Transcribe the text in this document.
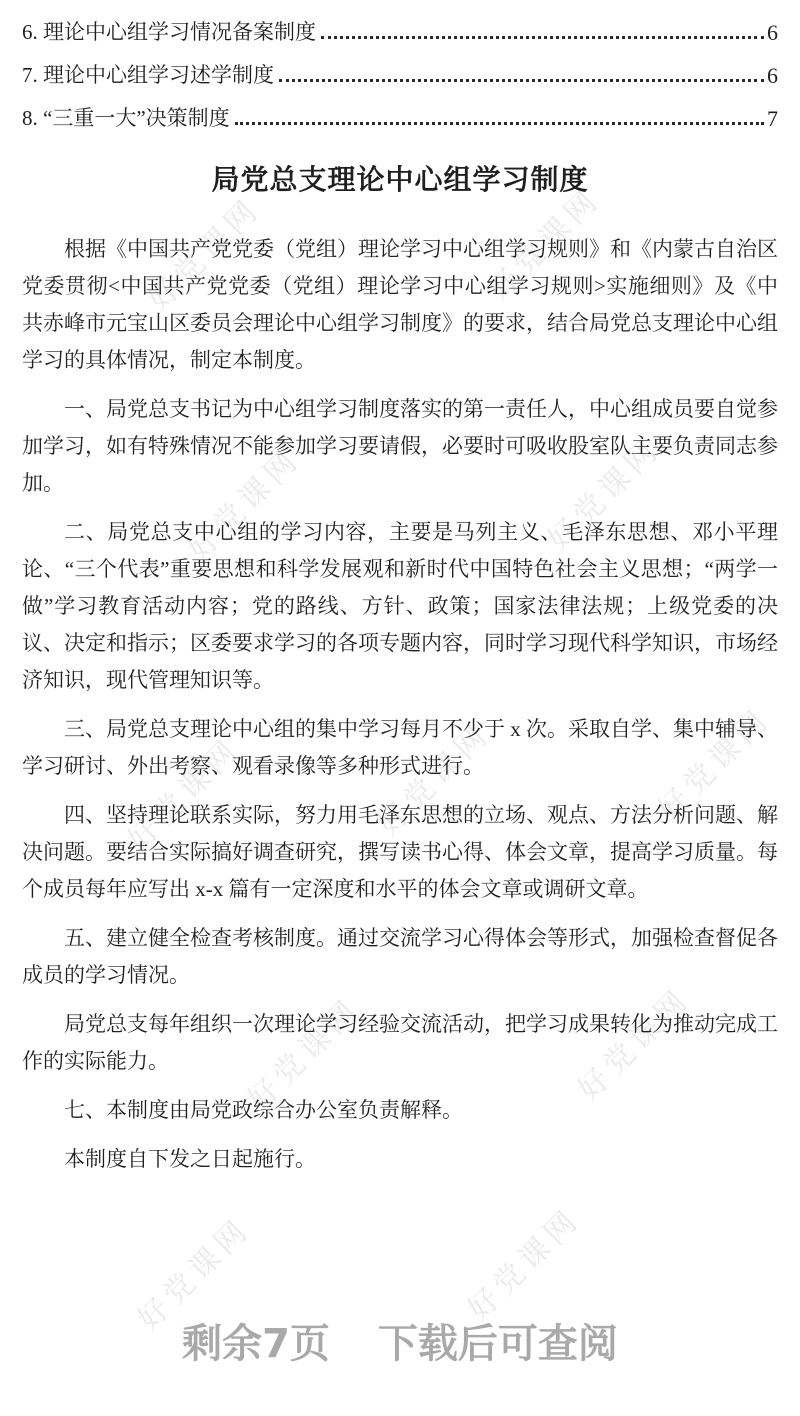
好党课网	好党课网
好党课网	好党课网
好党课网	好党课网	好党课网
好党课网	好党课网
好党课网	好党课网
6. 理论中心组学习情况备案制度	6
7. 理论中心组学习述学制度	6
8. “三重一大”决策制度	7
局党总支理论中心组学习制度

根据《中国共产党党委（党组）理论学习中心组学习规则》和《内蒙古自治区党委贯彻<中国共产党党委（党组）理论学习中心组学习规则>实施细则》及《中共赤峰市元宝山区委员会理论中心组学习制度》的要求，结合局党总支理论中心组学习的具体情况，制定本制度。

一、局党总支书记为中心组学习制度落实的第一责任人，中心组成员要自觉参加学习，如有特殊情况不能参加学习要请假，必要时可吸收股室队主要负责同志参加。

二、局党总支中心组的学习内容，主要是马列主义、毛泽东思想、邓小平理论、“三个代表”重要思想和科学发展观和新时代中国特色社会主义思想；“两学一做”学习教育活动内容；党的路线、方针、政策；国家法律法规；上级党委的决议、决定和指示；区委要求学习的各项专题内容，同时学习现代科学知识，市场经济知识，现代管理知识等。

三、局党总支理论中心组的集中学习每月不少于 x 次。采取自学、集中辅导、学习研讨、外出考察、观看录像等多种形式进行。

四、坚持理论联系实际，努力用毛泽东思想的立场、观点、方法分析问题、解决问题。要结合实际搞好调查研究，撰写读书心得、体会文章，提高学习质量。每个成员每年应写出 x-x 篇有一定深度和水平的体会文章或调研文章。

五、建立健全检查考核制度。通过交流学习心得体会等形式，加强检查督促各成员的学习情况。

局党总支每年组织一次理论学习经验交流活动，把学习成果转化为推动完成工作的实际能力。

七、本制度由局党政综合办公室负责解释。

本制度自下发之日起施行。

剩余7页 下载后可查阅
